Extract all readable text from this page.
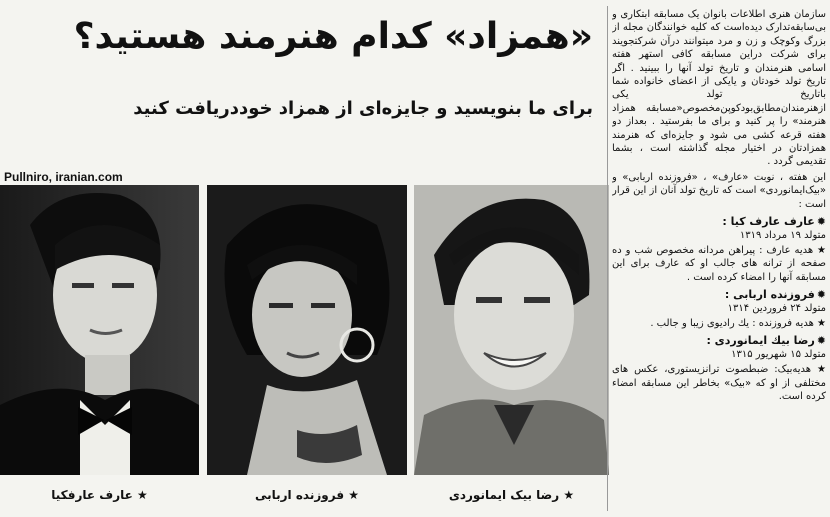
«همزاد» کدام هنرمند هستید؟
برای ما بنویسید و جایزه‌ای از همزاد خوددریافت کنید
Pullniro, iranian.com
★ عارف عارفکیا	★ فروزنده اربابی	★ رضا بیک ایمانوردی

سازمان هنری اطلاعات بانوان یک مسابقه ابتکاری و بی‌سابقه‌تدارک دیده‌است که کلیه خوانندگان مجله از بزرگ وکوچک و زن و مرد میتوانند درآن شرکتجویند برای شرکت دراین مسابقه کافی استهر هفته اسامی هنرمندان و تاریخ تولد آنها را ببینید . اگر تاریخ تولد خودتان و یایکی از اعضای خانواده شما باتاریخ تولد یکی ازهنرمندان‌مطابق‌بودکوپن‌مخصوص«مسابقه همزاد هنرمند» را پر کنید و برای ما بفرستید . بعداز دو هفته قرعه کشی می شود و جایزه‌ای که هنرمند همزادتان در اختیار مجله گذاشته است ، بشما تقدیمی گردد .

این هفته ، نوبت «عارف» ، «فروزنده اربابی» و «بیک‌ایمانوردی» است که تاریخ تولد آنان از این قرار است :

✹عارف عارف کیا :

متولد ۱۹ مرداد ۱۳۱۹

★ هدیه عارف : پیراهن مردانه مخصوص شب و ده صفحه از ترانه های جالب او که عارف برای این مسابقه آنها را امضاء کرده است .

✹فروزنده اربابی :

متولد ۲۴ فروردین ۱۳۱۴

★ هدیه فروزنده : یك رادیوی زیبا و جالب .

✹رضا بیك ایمانوردی :

متولد ۱۵ شهریور ۱۳۱۵

★ هدیه‌بیک: ضبطصوت ترانزیستوری، عکس های مختلفی از او که «بیک» بخاطر این مسابقه امضاء کرده است.
